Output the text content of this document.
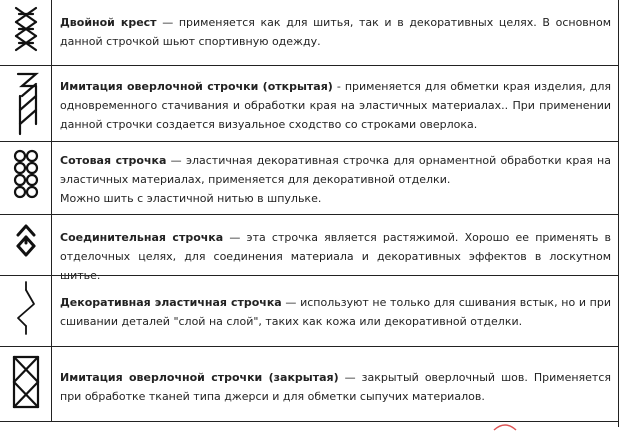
Двойной крест — применяется как для шитья, так и в декоративных целях. В основном данной строчкой шьют спортивную одежду.
Имитация оверлочной строчки (открытая) - применяется для обметки края изделия, для одновременного стачивания и обработки края на эластичных материалах.. При применении данной строчки создается визуальное сходство со строками оверлока.
Сотовая строчка — эластичная декоративная строчка для орнаментной обработки края на эластичных материалах, применяется для декоративной отделки.
Можно шить с эластичной нитью в шпульке.
Соединительная строчка — эта строчка является растяжимой. Хорошо ее применять в отделочных целях, для соединения материала и декоративных эффектов в лоскутном шитье.
Декоративная эластичная строчка — используют не только для сшивания встык, но и при сшивании деталей "слой на слой", таких как кожа или декоративной отделки.
Имитация оверлочной строчки (закрытая) — закрытый оверлочный шов. Применяется при обработке тканей типа джерси и для обметки сыпучих материалов.
